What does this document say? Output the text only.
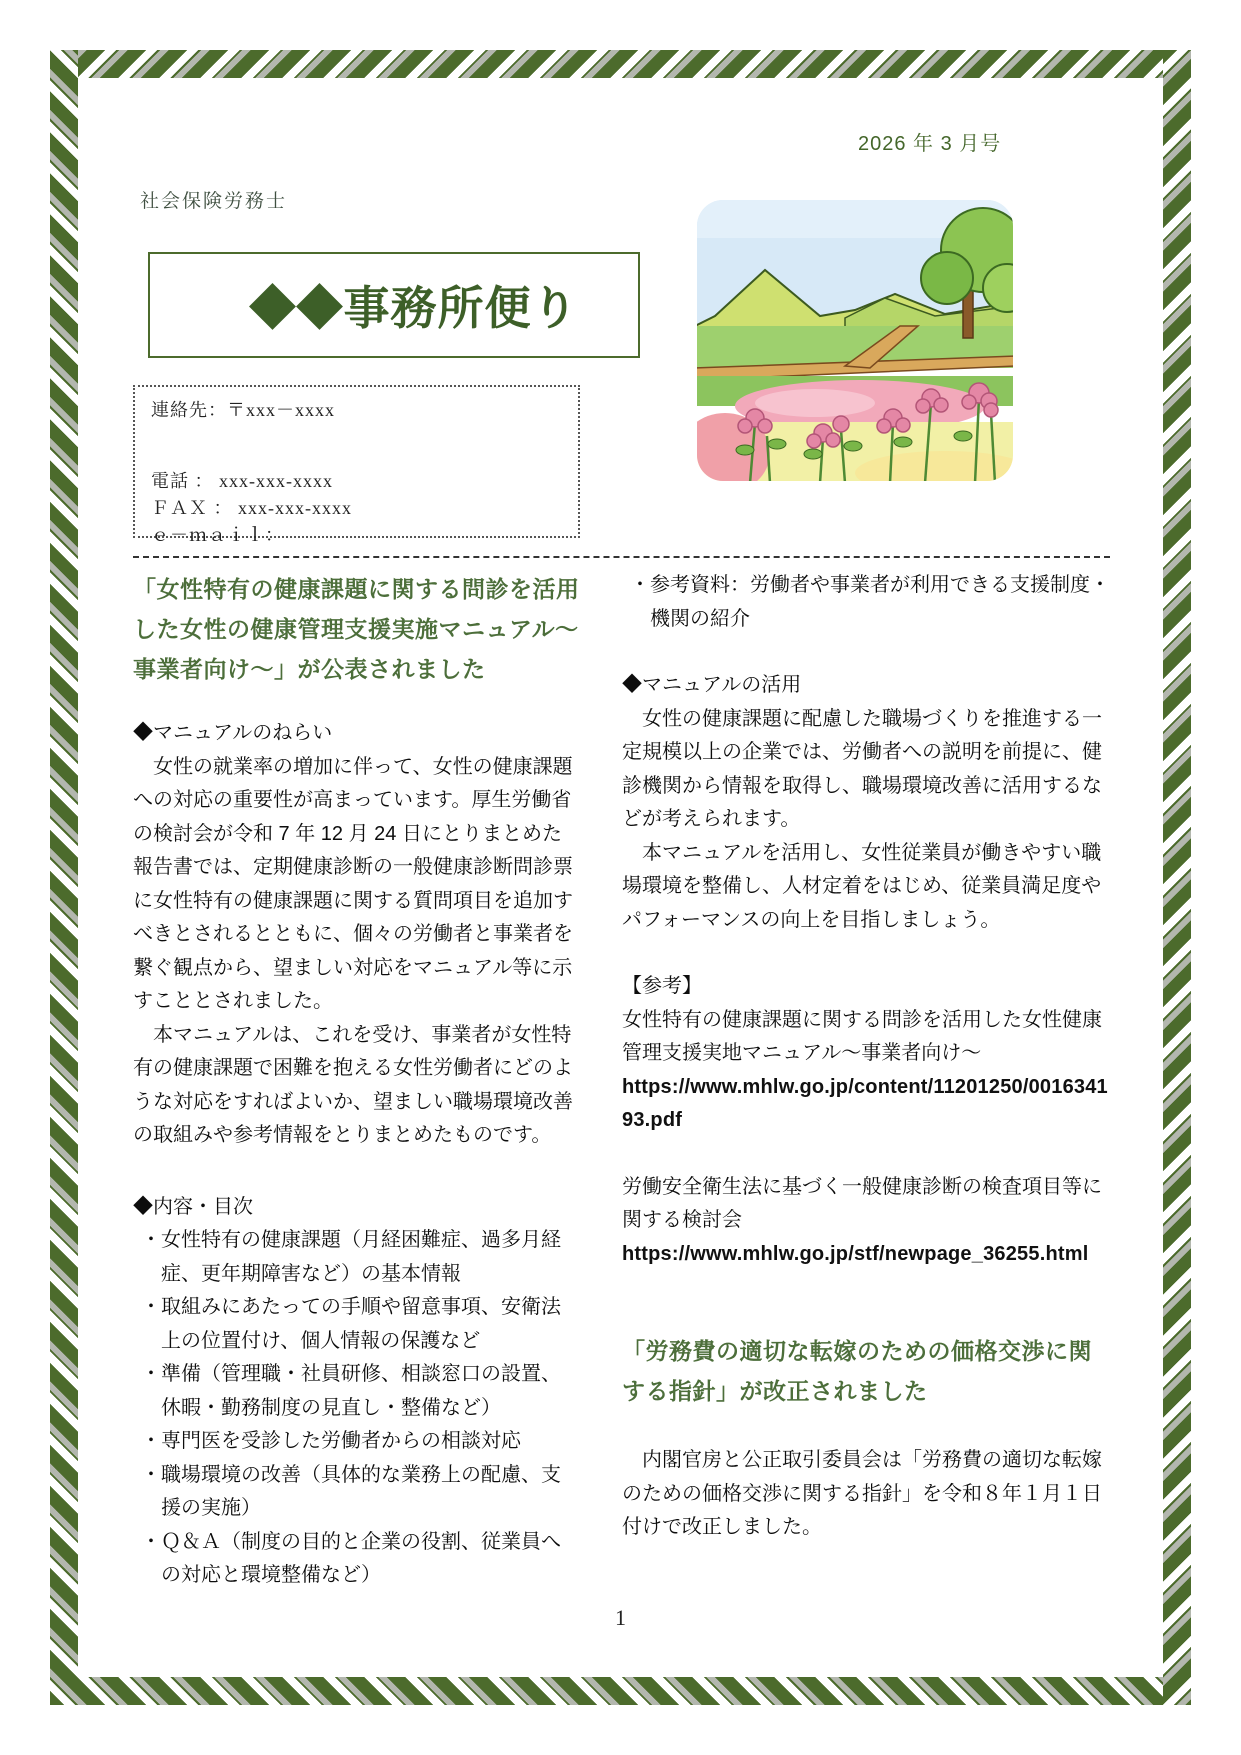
2026 年 3 月号
社会保険労務士
◆◆事務所便り
連絡先：〒xxx－xxxx
電話 ： xxx-xxx-xxxx
ＦＡＸ ： xxx-xxx-xxxx
ｅ－ｍａｉｌ：
「女性特有の健康課題に関する問診を活用した女性の健康管理支援実施マニュアル～事業者向け～」が公表されました
◆マニュアルのねらい

女性の就業率の増加に伴って、女性の健康課題への対応の重要性が高まっています。厚生労働省の検討会が令和 7 年 12 月 24 日にとりまとめた報告書では、定期健康診断の一般健康診断問診票に女性特有の健康課題に関する質問項目を追加すべきとされるとともに、個々の労働者と事業者を繋ぐ観点から、望ましい対応をマニュアル等に示すこととされました。

本マニュアルは、これを受け、事業者が女性特有の健康課題で困難を抱える女性労働者にどのような対応をすればよいか、望ましい職場環境改善の取組みや参考情報をとりまとめたものです。

◆内容・目次
・女性特有の健康課題（月経困難症、過多月経症、更年期障害など）の基本情報
・取組みにあたっての手順や留意事項、安衛法上の位置付け、個人情報の保護など
・準備（管理職・社員研修、相談窓口の設置、休暇・勤務制度の見直し・整備など）
・専門医を受診した労働者からの相談対応
・職場環境の改善（具体的な業務上の配慮、支援の実施）
・Ｑ＆Ａ（制度の目的と企業の役割、従業員への対応と環境整備など）
・参考資料：労働者や事業者が利用できる支援制度・機関の紹介
◆マニュアルの活用

女性の健康課題に配慮した職場づくりを推進する一定規模以上の企業では、労働者への説明を前提に、健診機関から情報を取得し、職場環境改善に活用するなどが考えられます。

本マニュアルを活用し、女性従業員が働きやすい職場環境を整備し、人材定着をはじめ、従業員満足度やパフォーマンスの向上を目指しましょう。

【参考】

女性特有の健康課題に関する問診を活用した女性健康管理支援実地マニュアル～事業者向け～

https://www.mhlw.go.jp/content/11201250/001634193.pdf

労働安全衛生法に基づく一般健康診断の検査項目等に関する検討会

https://www.mhlw.go.jp/stf/newpage_36255.html

「労務費の適切な転嫁のための価格交渉に関する指針」が改正されました

内閣官房と公正取引委員会は「労務費の適切な転嫁のための価格交渉に関する指針」を令和８年１月１日付けで改正しました。

1
